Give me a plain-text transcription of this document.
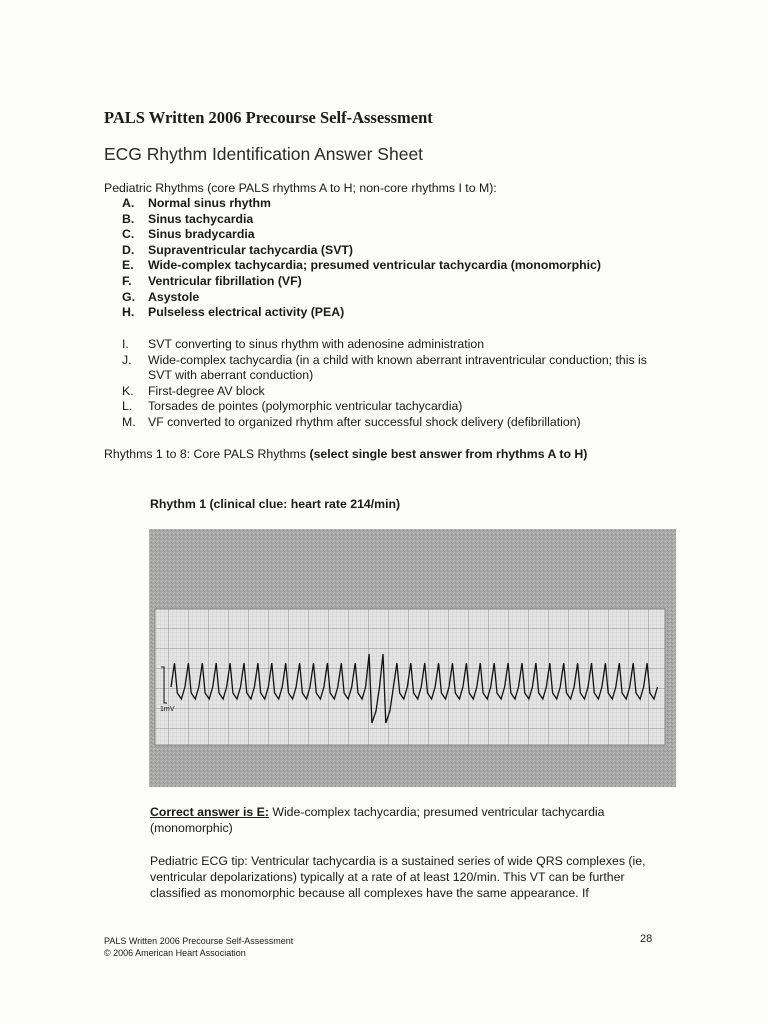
PALS Written 2006 Precourse Self-Assessment
ECG Rhythm Identification Answer Sheet
Pediatric Rhythms (core PALS rhythms A to H; non-core rhythms I to M):
A. Normal sinus rhythm
B. Sinus tachycardia
C. Sinus bradycardia
D. Supraventricular tachycardia (SVT)
E. Wide-complex tachycardia; presumed ventricular tachycardia (monomorphic)
F. Ventricular fibrillation (VF)
G. Asystole
H. Pulseless electrical activity (PEA)
I. SVT converting to sinus rhythm with adenosine administration
J. Wide-complex tachycardia (in a child with known aberrant intraventricular conduction; this is SVT with aberrant conduction)
K. First-degree AV block
L. Torsades de pointes (polymorphic ventricular tachycardia)
M. VF converted to organized rhythm after successful shock delivery (defibrillation)
Rhythms 1 to 8: Core PALS Rhythms (select single best answer from rhythms A to H)
Rhythm 1 (clinical clue: heart rate 214/min)
1mV
Correct answer is E: Wide-complex tachycardia; presumed ventricular tachycardia (monomorphic)
Pediatric ECG tip: Ventricular tachycardia is a sustained series of wide QRS complexes (ie, ventricular depolarizations) typically at a rate of at least 120/min. This VT can be further classified as monomorphic because all complexes have the same appearance. If
PALS Written 2006 Precourse Self-Assessment
© 2006 American Heart Association
28
